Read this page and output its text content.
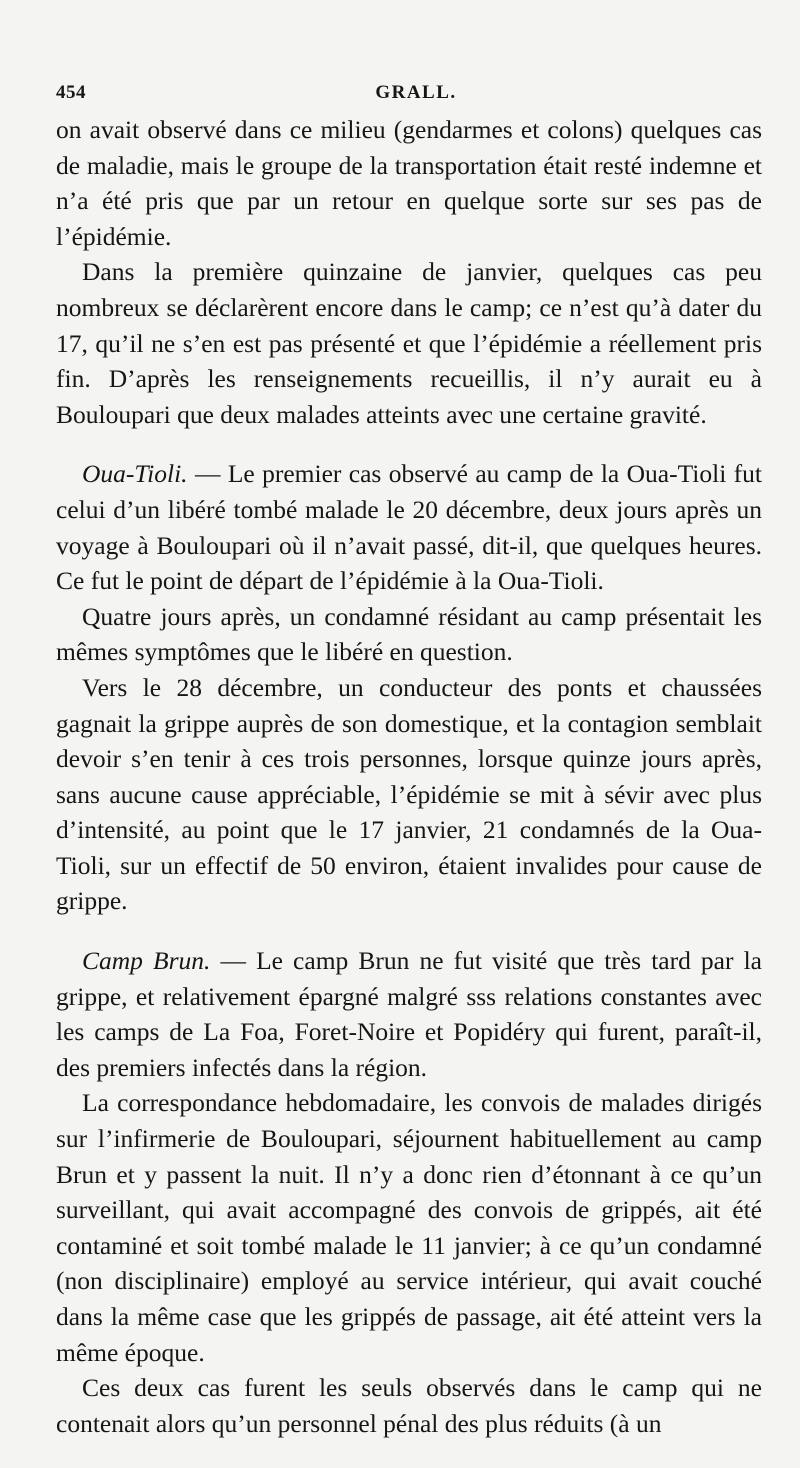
454	GRALL.

on avait observé dans ce milieu (gendarmes et colons) quelques cas de maladie, mais le groupe de la transportation était resté indemne et n’a été pris que par un retour en quelque sorte sur ses pas de l’épidémie.

Dans la première quinzaine de janvier, quelques cas peu nombreux se déclarèrent encore dans le camp; ce n’est qu’à dater du 17, qu’il ne s’en est pas présenté et que l’épidémie a réellement pris fin. D’après les renseignements recueillis, il n’y aurait eu à Bouloupari que deux malades atteints avec une certaine gravité.

Oua-Tioli. — Le premier cas observé au camp de la Oua-Tioli fut celui d’un libéré tombé malade le 20 décembre, deux jours après un voyage à Bouloupari où il n’avait passé, dit-il, que quelques heures. Ce fut le point de départ de l’épidémie à la Oua-Tioli.

Quatre jours après, un condamné résidant au camp présentait les mêmes symptômes que le libéré en question.

Vers le 28 décembre, un conducteur des ponts et chaussées gagnait la grippe auprès de son domestique, et la contagion semblait devoir s’en tenir à ces trois personnes, lorsque quinze jours après, sans aucune cause appréciable, l’épidémie se mit à sévir avec plus d’intensité, au point que le 17 janvier, 21 condamnés de la Oua-Tioli, sur un effectif de 50 environ, étaient invalides pour cause de grippe.

Camp Brun. — Le camp Brun ne fut visité que très tard par la grippe, et relativement épargné malgré sss relations constantes avec les camps de La Foa, Foret-Noire et Popidéry qui furent, paraît-il, des premiers infectés dans la région.

La correspondance hebdomadaire, les convois de malades dirigés sur l’infirmerie de Bouloupari, séjournent habituellement au camp Brun et y passent la nuit. Il n’y a donc rien d’étonnant à ce qu’un surveillant, qui avait accompagné des convois de grippés, ait été contaminé et soit tombé malade le 11 janvier; à ce qu’un condamné (non disciplinaire) employé au service intérieur, qui avait couché dans la même case que les grippés de passage, ait été atteint vers la même époque.

Ces deux cas furent les seuls observés dans le camp qui ne contenait alors qu’un personnel pénal des plus réduits (à un
